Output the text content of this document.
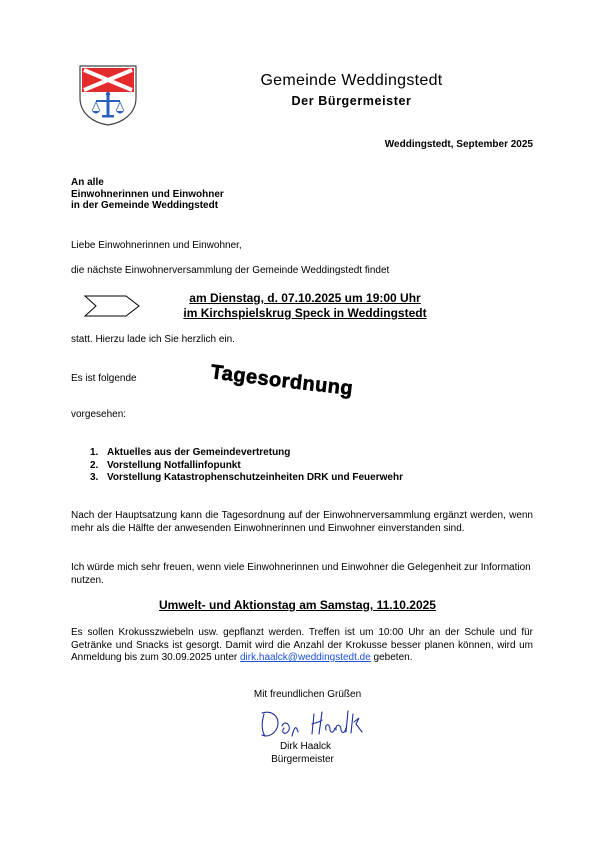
Gemeinde Weddingstedt
Der Bürgermeister
Weddingstedt, September 2025
An alle
Einwohnerinnen und Einwohner
in der Gemeinde Weddingstedt
Liebe Einwohnerinnen und Einwohner,
die nächste Einwohnerversammlung der Gemeinde Weddingstedt findet
am Dienstag, d. 07.10.2025 um 19:00 Uhr
im Kirchspielskrug Speck in Weddingstedt
statt. Hierzu lade ich Sie herzlich ein.
Es ist folgende	Tagesordnung
vorgesehen:
1. Aktuelles aus der Gemeindevertretung
2. Vorstellung Notfallinfopunkt
3. Vorstellung Katastrophenschutzeinheiten DRK und Feuerwehr
Nach der Hauptsatzung kann die Tagesordnung auf der Einwohnerversammlung ergänzt werden, wenn mehr als die Hälfte der anwesenden Einwohnerinnen und Einwohner einverstanden sind.
Ich würde mich sehr freuen, wenn viele Einwohnerinnen und Einwohner die Gelegenheit zur Information nutzen.
Umwelt- und Aktionstag am Samstag, 11.10.2025
Es sollen Krokusszwiebeln usw. gepflanzt werden. Treffen ist um 10:00 Uhr an der Schule und für Getränke und Snacks ist gesorgt. Damit wird die Anzahl der Krokusse besser planen können, wird um Anmeldung bis zum 30.09.2025 unter dirk.haalck@weddingstedt.de gebeten.
Mit freundlichen Grüßen
Dirk Haalck
Bürgermeister
